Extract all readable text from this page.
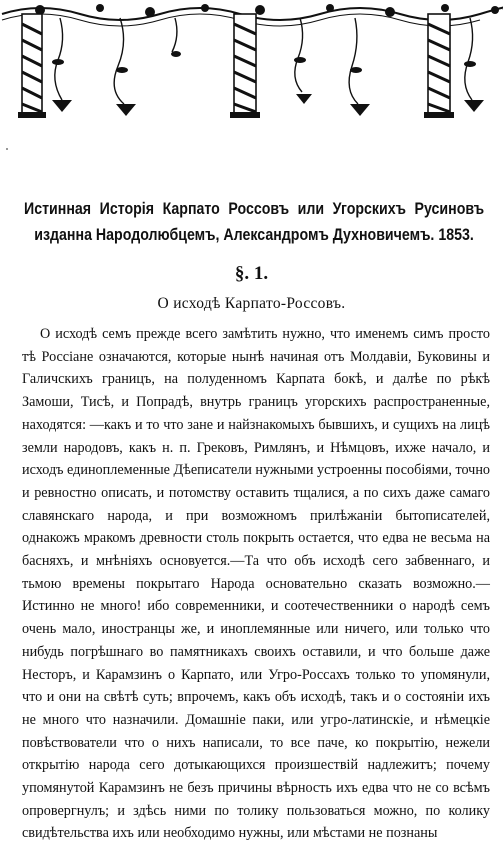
Истинная Исторія Карпато Россовъ или Угорскихъ Русиновъ изданна Народолюбцемъ, Александромъ Духновичемъ. 1853.
§. 1.
О исходѣ Карпато-Россовъ.
О исходѣ семъ прежде всего замѣтить нужно, что именемъ симъ просто тѣ Россіане означаются, которые нынѣ начиная отъ Молдавіи, Буковины и Галичскихъ границъ, на полуденномъ Карпата бокѣ, и далѣе по рѣкѣ Замоши, Тисѣ, и Попрадѣ, внутрь границъ угорскихъ распространенные, находятся: —какъ и то что зане и найзнакомыхъ бывшихъ, и сущихъ на лицѣ земли народовъ, какъ н. п. Грековъ, Римлянъ, и Нѣмцовъ, ихже начало, и исходъ единоплеменные Дѣеписатели нужными устроенны пособіями, точно и ревностно описать, и потомству оставить тщалися, а по сихъ даже самаго славянскаго народа, и при возможномъ прилѣжаніи бытописателей, однакожъ мракомъ древности столь покрыть остается, что едва не весьма на басняхъ, и мнѣніяхъ основуется.—Та что объ исходѣ сего забвеннаго, и тьмою времены покрытаго Народа основательно сказать возможно.— Истинно не много! ибо современники, и соотечественники о народѣ семъ очень мало, иностранцы же, и иноплемянные или ничего, или только что нибудь погрѣшнаго во памятникахъ своихъ оставили, и что больше даже Несторъ, и Карамзинъ о Карпато, или Угро-Россахъ только то упомянули, что и они на свѣтѣ суть; впрочемъ, какъ объ исходѣ, такъ и о состояніи ихъ не много что назначили. Домашніе паки, или угро-латинскіе, и нѣмецкіе повѣствователи что о нихъ написали, то все паче, ко покрытію, нежели открытію народа сего дотыкающихся произшествій надлежитъ; почему упомянутой Карамзинъ не безъ причины вѣрность ихъ едва что не со всѣмъ опровергнулъ; и здѣсь ними по толику пользоваться можно, по колику свидѣтельства ихъ или необходимо нужны, или мѣстами не познаны
